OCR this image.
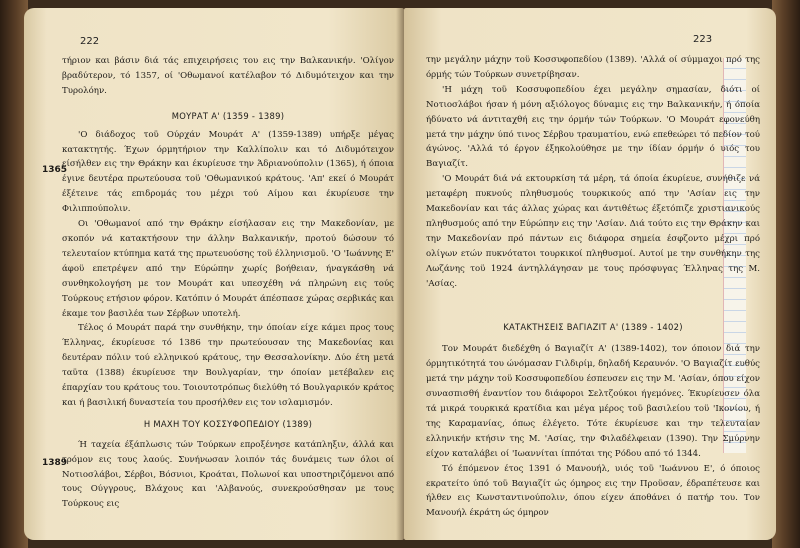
222

τήριον και βάσιν διά τάς επιχειρήσεις του εις την Βαλκανικήν. 'Ολίγον βραδύτερον, τό 1357, οί 'Οθωμανοί κατέλαβον τό Διδυμότειχον και την Τυρολόην.

ΜΟΥΡΑΤ Α' (1359 - 1389)

'Ο διάδοχος τοϋ Ούρχάν Μουράτ Α' (1359-1389) υπήρξε μέγας κατακτητής. Έχων όρμητήριον την Καλλίπολιν και τό Διδυμότειχον είσήλθεν εις την Θράκην και έκυρίευσε την Άδριανούπολιν (1365), ή όποια έγινε δευτέρα πρωτεύουσα τοϋ 'Οθωμανικού κράτους. 'Απ' εκεί ό Μουράτ έξέτεινε τάς επιδρομάς του μέχρι τού Αίμου και έκυρίευσε την Φιλιππούπολιν.

Οι 'Οθωμανοί από την Θράκην είσήλασαν εις την Μακεδονίαν, με σκοπόν νά κατακτήσουν την άλλην Βαλκανικήν, προτού δώσουν τό τελευταίον κτύπημα κατά της πρωτευούσης τοϋ έλληνισμοϋ. 'Ο 'Ιωάννης Ε' άφοϋ επετρέψεν από την Εύρώπην χωρίς βοήθειαν, ήναγκάσθη νά συνθηκολογήση με τον Μουράτ και υπεσχέθη νά πληρώνη εις τούς Τούρκους ετήσιον φόρον. Κατόπιν ό Μουράτ άπέσπασε χώρας σερβικάς και έκαμε τον βασιλέα των Σέρβων υποτελή.

Τέλος ό Μουράτ παρά την συνθήκην, την όποίαν είχε κάμει προς τους Έλληνας, έκυρίευσε τό 1386 την πρωτεύουσαν της Μακεδονίας και δευτέραν πόλιν τού ελληνικού κράτους, την Θεσσαλονίκην. Δύο έτη μετά ταϋτα (1388) έκυρίευσε την Βουλγαρίαν, την όποίαν μετέβαλεν εις έπαρχίαν του κράτους του. Τοιουτοτρόπως διελύθη τό Βουλγαρικόν κράτος και ή βασιλική δυναστεία του προσήλθεν εις τον ισλαμισμόν.

Η ΜΑΧΗ ΤΟΥ ΚΟΣΣΥΦΟΠΕΔΙΟΥ (1389)

Ή ταχεία έξάπλωσις τών Τούρκων επροξένησε κατάπληξιν, άλλά και τρόμον εις τους λαούς. Συνήνωσαν λοιπόν τάς δυνάμεις των όλοι οί Νοτιοσλάβοι, Σέρβοι, Βόσνιοι, Κροάται, Πολωνοί και υποστηριζόμενοι από τους Ούγγρους, Βλάχους και 'Αλβανούς, συνεκρούσθησαν με τους Τούρκους εις

1365
1389
223

την μεγάλην μάχην τοϋ Κοσσυφοπεδίου (1389). 'Αλλά οί σύμμαχοι πρό της όρμής τών Τούρκων συνετρίβησαν.

'Η μάχη τοϋ Κοσσυφοπεδίου έχει μεγάλην σημασίαν, διότι οί Νοτιοσλάβοι ήσαν ή μόνη αξιόλογος δύναμις εις την Βαλκανικήν, ή όποία ήδύνατο νά άντιταχθή εις την όρμήν τών Τούρκων. 'Ο Μουράτ εφονεύθη μετά την μάχην ύπό τινος Σέρβου τραυματίου, ενώ επεθεώρει τό πεδίον τού άγώνος. 'Αλλά τό έργον έξηκολούθησε με την ίδίαν όρμήν ό υιός του Βαγιαζίτ.

'Ο Μουράτ διά νά εκτουρκίση τά μέρη, τά όποία έκυρίευε, συνήθιζε νά μεταφέρη πυκνούς πληθυσμούς τουρκικούς από την 'Ασίαν εις την Μακεδονίαν και τάς άλλας χώρας και άντιθέτως έξετόπιζε χριστιανικούς πληθυσμούς από την Εύρώπην εις την 'Ασίαν. Διά τούτο εις την Θράκην και την Μακεδονίαν πρό πάντων εις διάφορα σημεία έσφζοντο μέχρι πρό ολίγων ετών πυκνότατοι τουρκικοί πληθυσμοί. Αυτοί με την συνθήκην της Λωζάνης τοϋ 1924 άντηλλάγησαν με τους πρόσφυγας Έλληνας της Μ. 'Ασίας.

ΚΑΤΑΚΤΗΣΕΙΣ ΒΑΓΙΑΖΙΤ Α' (1389 - 1402)

Τον Μουράτ διεδέχθη ό Βαγιαζίτ Α' (1389-1402), τον όποιον διά την όρμητικότητά του ώνόμασαν Γιλδιρίμ, δηλαδή Κεραυνόν. 'Ο Βαγιαζίτ ευθύς μετά την μάχην τοϋ Κοσσυφοπεδίου έσπευσεν εις την Μ. 'Ασίαν, όπου είχον συνασπισθή έναντίον του διάφοροι Σελτζούκοι ήγεμόνες. Έκυρίευσεν όλα τά μικρά τουρκικά κρατίδια και μέγα μέρος τοϋ βασιλείου τοϋ 'Ικονίου, ή της Καραμανίας, όπως έλέγετο. Τότε έκυρίευσε και την τελευταίαν ελληνικήν κτήσιν της Μ. 'Ασίας, την Φιλαδέλφειαν (1390). Την Σμύρνην είχον καταλάβει οί 'Ιωαννίται ίππόται της Ρόδου από τό 1344.

Τό έπόμενον έτος 1391 ό Μανουήλ, υιός τοϋ 'Ιωάννου Ε', ό όποιος εκρατείτο ύπό τοϋ Βαγιαζίτ ώς όμηρος εις την Προϋσαν, έδραπέτευσε και ήλθεν εις Κωνσταντινούπολιν, όπου είχεν άποθάνει ό πατήρ του. Τον Μανουήλ έκράτη ώς όμηρον
